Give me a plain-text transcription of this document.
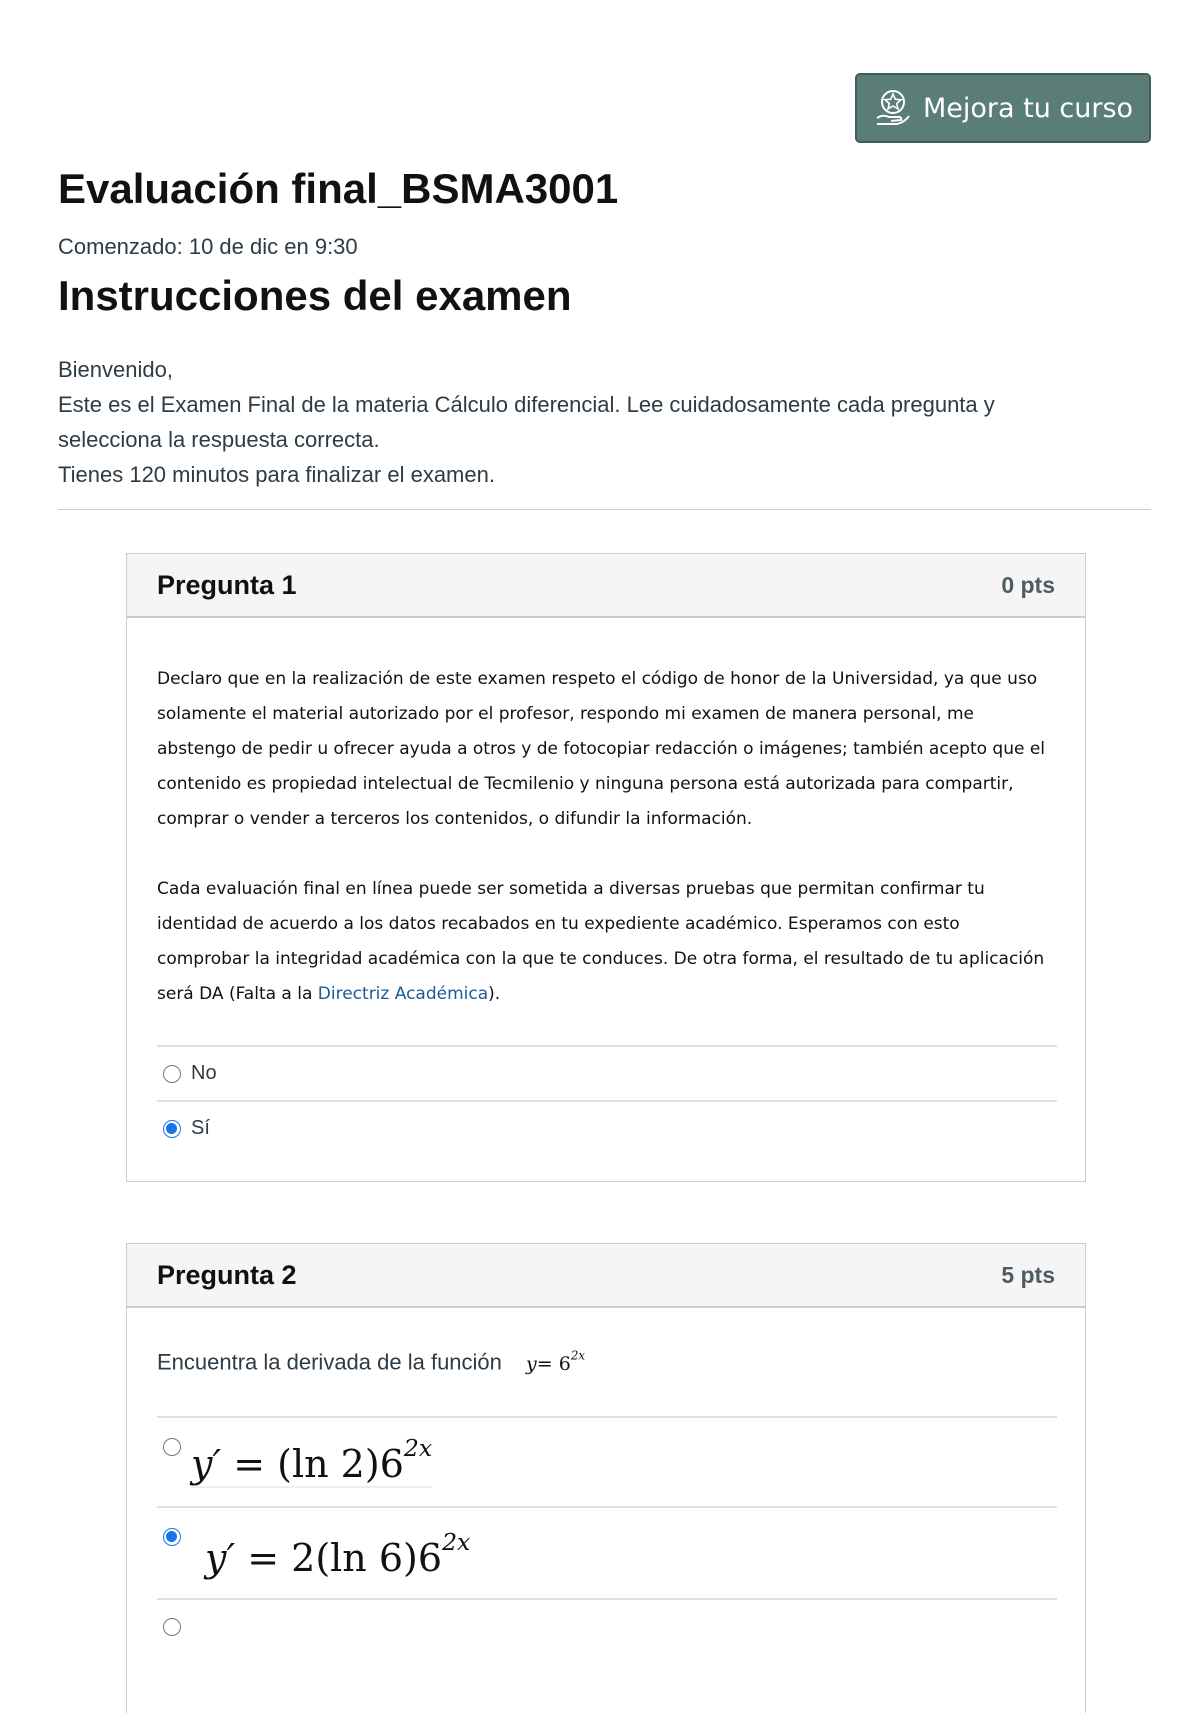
Mejora tu curso
Evaluación final_BSMA3001
Comenzado: 10 de dic en 9:30
Instrucciones del examen

Bienvenido,

Este es el Examen Final de la materia Cálculo diferencial. Lee cuidadosamente cada pregunta y selecciona la respuesta correcta.

Tienes 120 minutos para finalizar el examen.

Pregunta 1	0 pts

Declaro que en la realización de este examen respeto el código de honor de la Universidad, ya que uso solamente el material autorizado por el profesor, respondo mi examen de manera personal, me abstengo de pedir u ofrecer ayuda a otros y de fotocopiar redacción o imágenes; también acepto que el contenido es propiedad intelectual de Tecmilenio y ninguna persona está autorizada para compartir, comprar o vender a terceros los contenidos, o difundir la información.

Cada evaluación final en línea puede ser sometida a diversas pruebas que permitan confirmar tu identidad de acuerdo a los datos recabados en tu expediente académico. Esperamos con esto comprobar la integridad académica con la que te conduces. De otra forma, el resultado de tu aplicación será DA (Falta a la Directriz Académica).

No
Sí
Pregunta 2	5 pts
Encuentra la derivada de la función $y= 6^{2x}$
y′ = (ln $2)6^{2x}$
y′ = 2(ln $6)6^{2x}$
